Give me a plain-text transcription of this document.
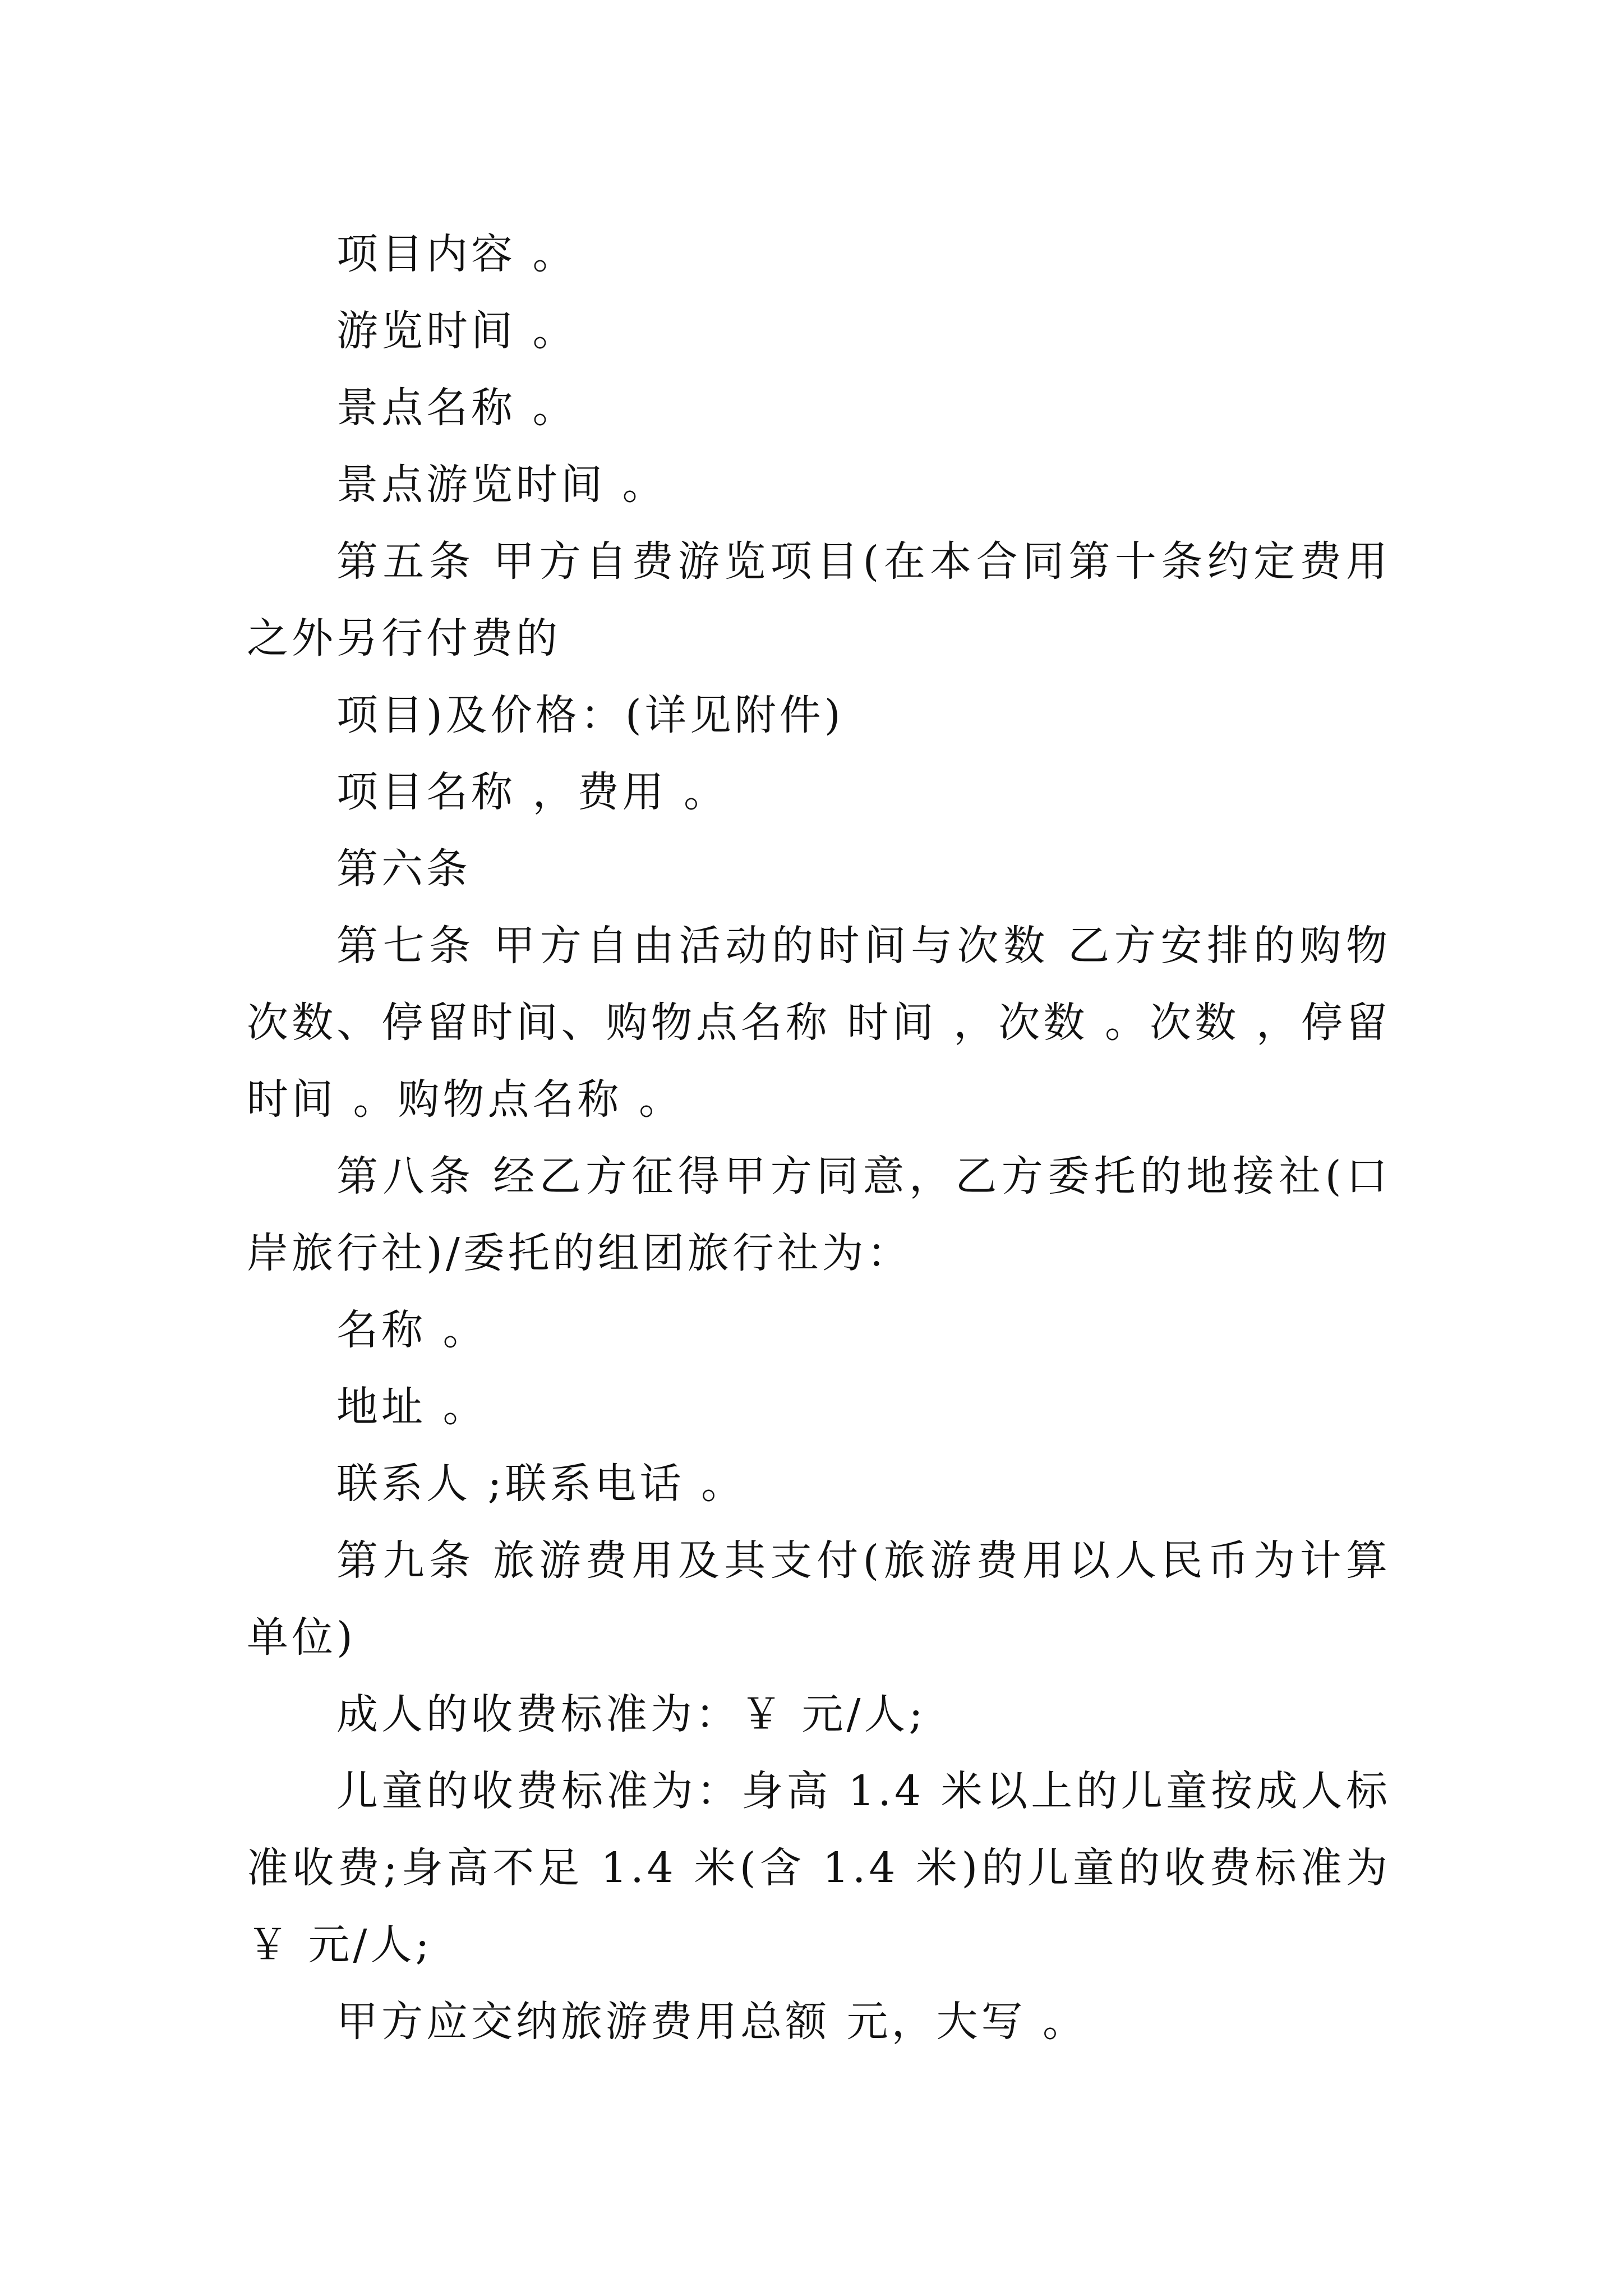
项目内容 。

游览时间 。

景点名称 。

景点游览时间 。

第五条 甲方自费游览项目(在本合同第十条约定费用之外另行付费的

项目)及价格：(详见附件)

项目名称 ，费用 。

第六条

第七条 甲方自由活动的时间与次数 乙方安排的购物次数、停留时间、购物点名称 时间 ，次数 。次数 ，停留时间 。购物点名称 。

第八条 经乙方征得甲方同意，乙方委托的地接社(口岸旅行社)/委托的组团旅行社为：

名称 。

地址 。

联系人 ;联系电话 。

第九条 旅游费用及其支付(旅游费用以人民币为计算单位)

成人的收费标准为：￥ 元/人;

儿童的收费标准为：身高 1.4 米以上的儿童按成人标准收费;身高不足 1.4 米(含 1.4 米)的儿童的收费标准为￥ 元/人;

甲方应交纳旅游费用总额 元，大写 。
